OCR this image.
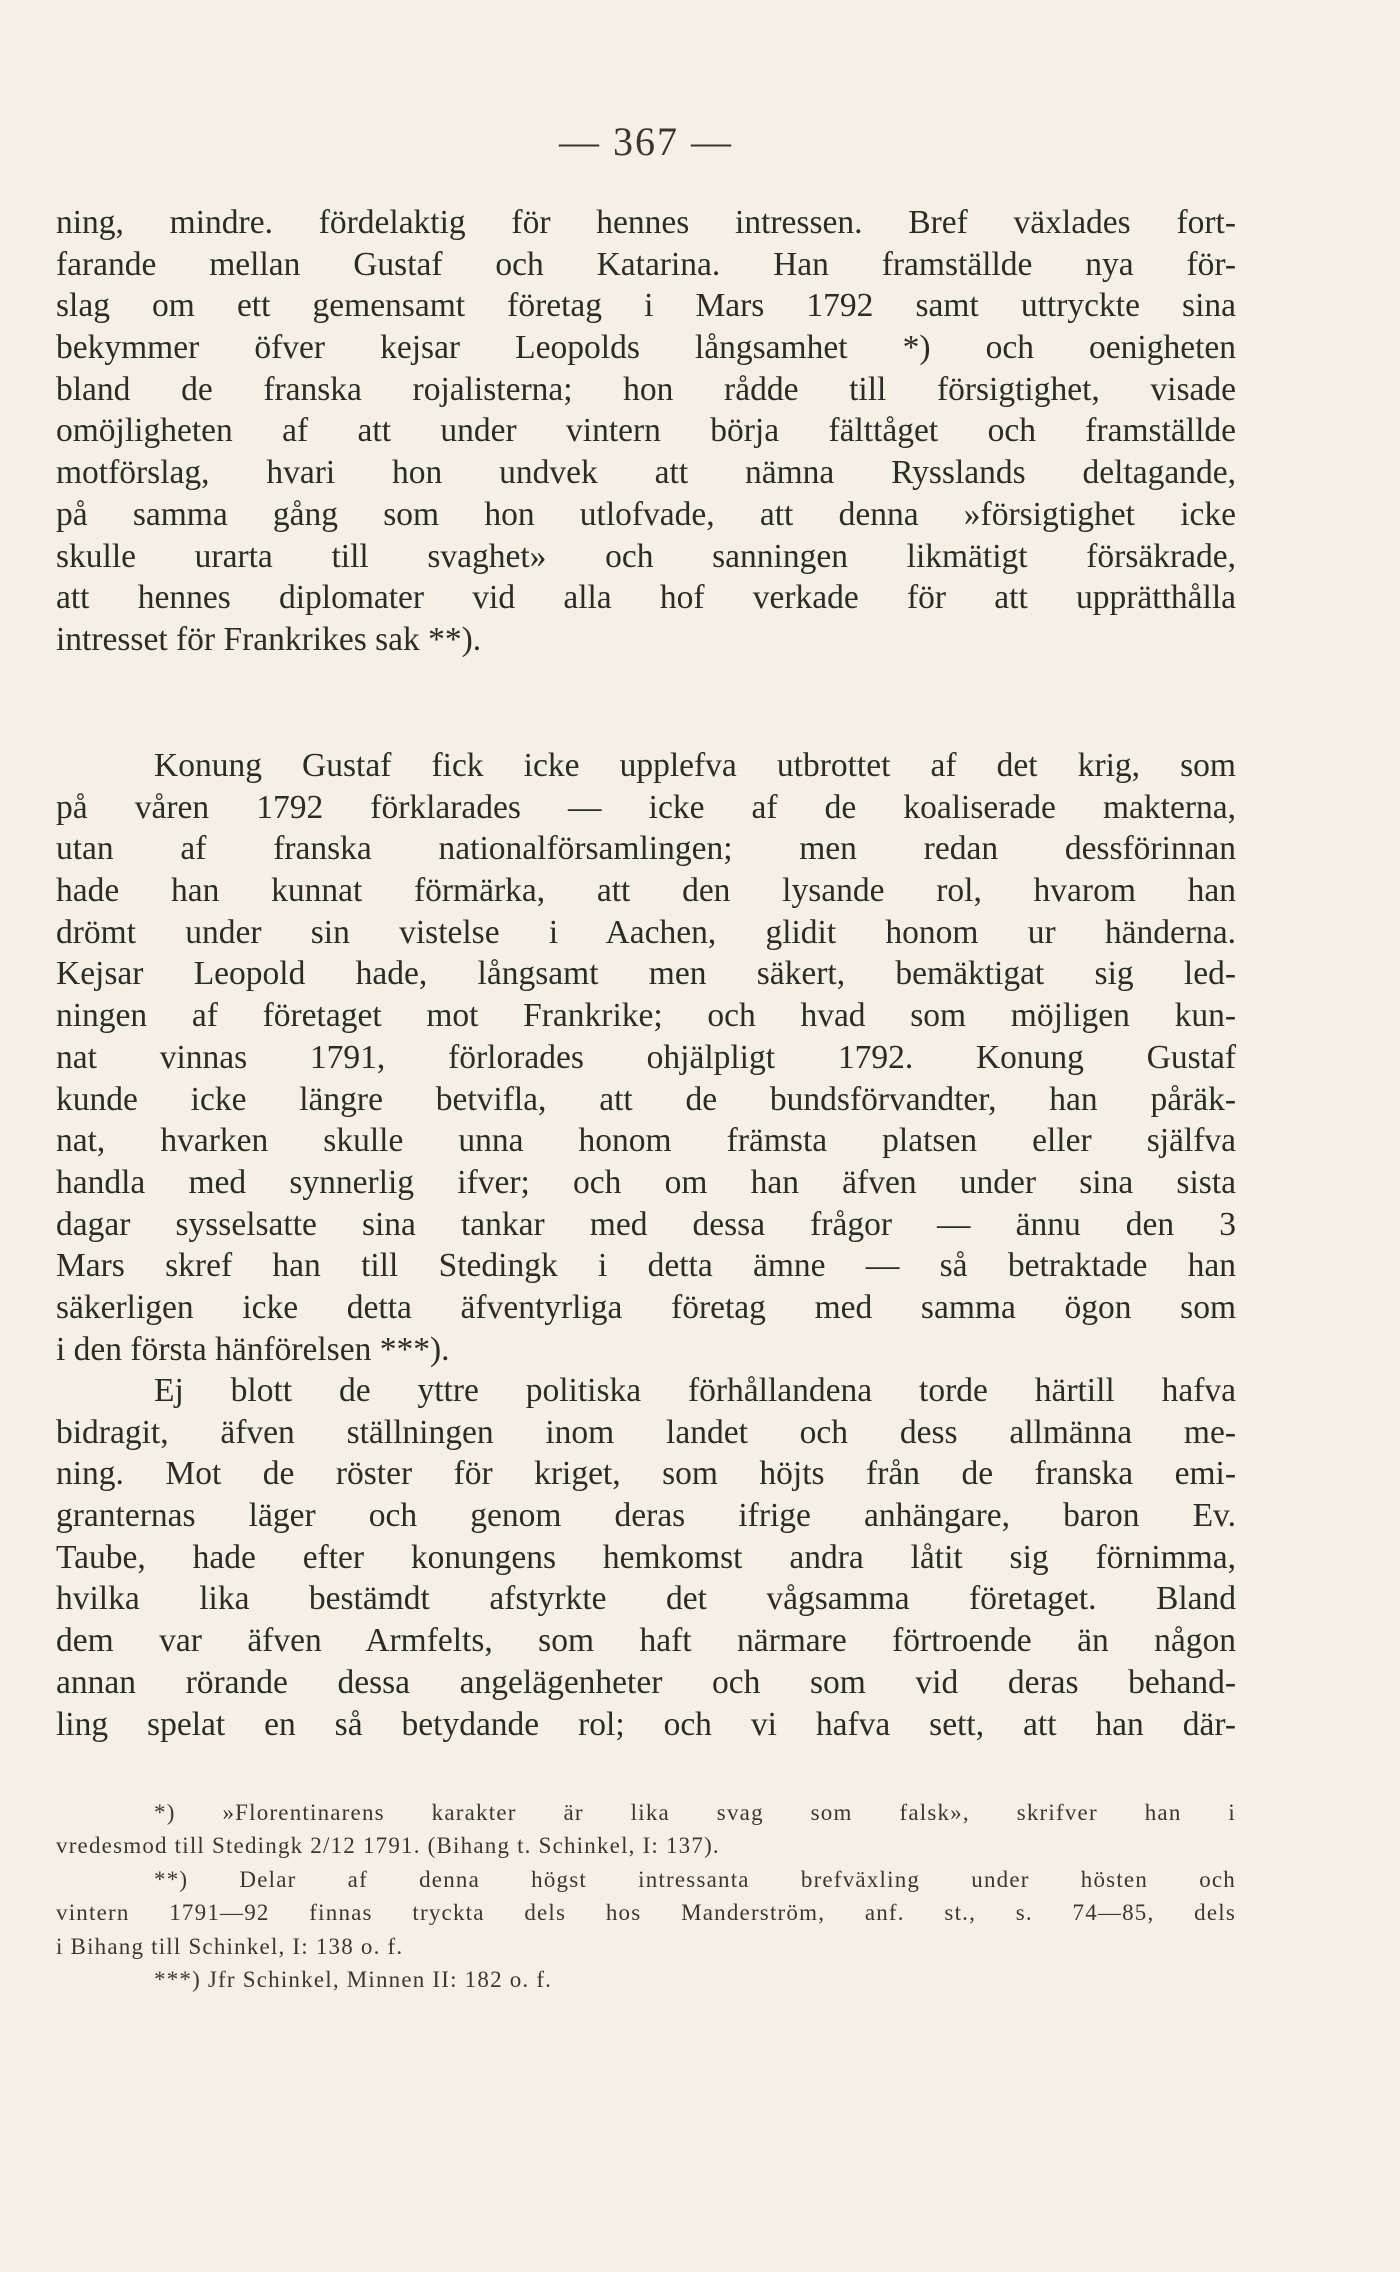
— 367 —
ning, mindre. fördelaktig för hennes intressen. Bref växlades fort-
farande mellan Gustaf och Katarina. Han framställde nya för-
slag om ett gemensamt företag i Mars 1792 samt uttryckte sina
bekymmer öfver kejsar Leopolds långsamhet *) och oenigheten
bland de franska rojalisterna; hon rådde till försigtighet, visade
omöjligheten af att under vintern börja fälttåget och framställde
motförslag, hvari hon undvek att nämna Rysslands deltagande,
på samma gång som hon utlofvade, att denna »försigtighet icke
skulle urarta till svaghet» och sanningen likmätigt försäkrade,
att hennes diplomater vid alla hof verkade för att upprätthålla
intresset för Frankrikes sak **).
Konung Gustaf fick icke upplefva utbrottet af det krig, som
på våren 1792 förklarades — icke af de koaliserade makterna,
utan af franska nationalförsamlingen; men redan dessförinnan
hade han kunnat förmärka, att den lysande rol, hvarom han
drömt under sin vistelse i Aachen, glidit honom ur händerna.
Kejsar Leopold hade, långsamt men säkert, bemäktigat sig led-
ningen af företaget mot Frankrike; och hvad som möjligen kun-
nat vinnas 1791, förlorades ohjälpligt 1792. Konung Gustaf
kunde icke längre betvifla, att de bundsförvandter, han påräk-
nat, hvarken skulle unna honom främsta platsen eller själfva
handla med synnerlig ifver; och om han äfven under sina sista
dagar sysselsatte sina tankar med dessa frågor — ännu den 3
Mars skref han till Stedingk i detta ämne — så betraktade han
säkerligen icke detta äfventyrliga företag med samma ögon som
i den första hänförelsen ***).
Ej blott de yttre politiska förhållandena torde härtill hafva
bidragit, äfven ställningen inom landet och dess allmänna me-
ning. Mot de röster för kriget, som höjts från de franska emi-
granternas läger och genom deras ifrige anhängare, baron Ev.
Taube, hade efter konungens hemkomst andra låtit sig förnimma,
hvilka lika bestämdt afstyrkte det vågsamma företaget. Bland
dem var äfven Armfelts, som haft närmare förtroende än någon
annan rörande dessa angelägenheter och som vid deras behand-
ling spelat en så betydande rol; och vi hafva sett, att han där-
*) »Florentinarens karakter är lika svag som falsk», skrifver han i
vredesmod till Stedingk 2/12 1791. (Bihang t. Schinkel, I: 137).
**) Delar af denna högst intressanta brefväxling under hösten och
vintern 1791—92 finnas tryckta dels hos Manderström, anf. st., s. 74—85, dels
i Bihang till Schinkel, I: 138 o. f.
***) Jfr Schinkel, Minnen II: 182 o. f.
